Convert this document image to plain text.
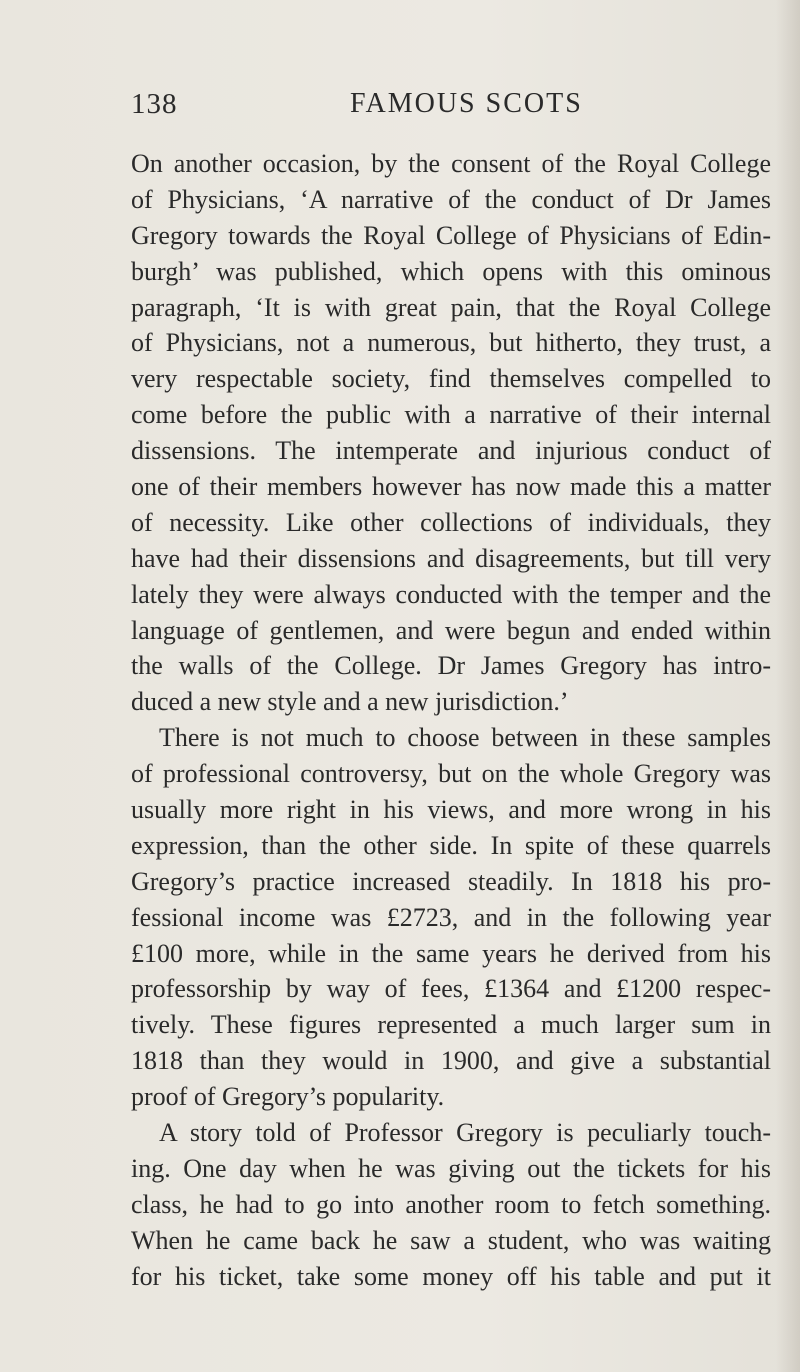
138	FAMOUS SCOTS
On another occasion, by the consent of the Royal College
of Physicians, ‘A narrative of the conduct of Dr James
Gregory towards the Royal College of Physicians of Edin-
burgh’ was published, which opens with this ominous
paragraph, ‘It is with great pain, that the Royal College
of Physicians, not a numerous, but hitherto, they trust, a
very respectable society, find themselves compelled to
come before the public with a narrative of their internal
dissensions. The intemperate and injurious conduct of
one of their members however has now made this a matter
of necessity. Like other collections of individuals, they
have had their dissensions and disagreements, but till very
lately they were always conducted with the temper and the
language of gentlemen, and were begun and ended within
the walls of the College. Dr James Gregory has intro-
duced a new style and a new jurisdiction.’
There is not much to choose between in these samples
of professional controversy, but on the whole Gregory was
usually more right in his views, and more wrong in his
expression, than the other side. In spite of these quarrels
Gregory’s practice increased steadily. In 1818 his pro-
fessional income was £2723, and in the following year
£100 more, while in the same years he derived from his
professorship by way of fees, £1364 and £1200 respec-
tively. These figures represented a much larger sum in
1818 than they would in 1900, and give a substantial
proof of Gregory’s popularity.
A story told of Professor Gregory is peculiarly touch-
ing. One day when he was giving out the tickets for his
class, he had to go into another room to fetch something.
When he came back he saw a student, who was waiting
for his ticket, take some money off his table and put it
